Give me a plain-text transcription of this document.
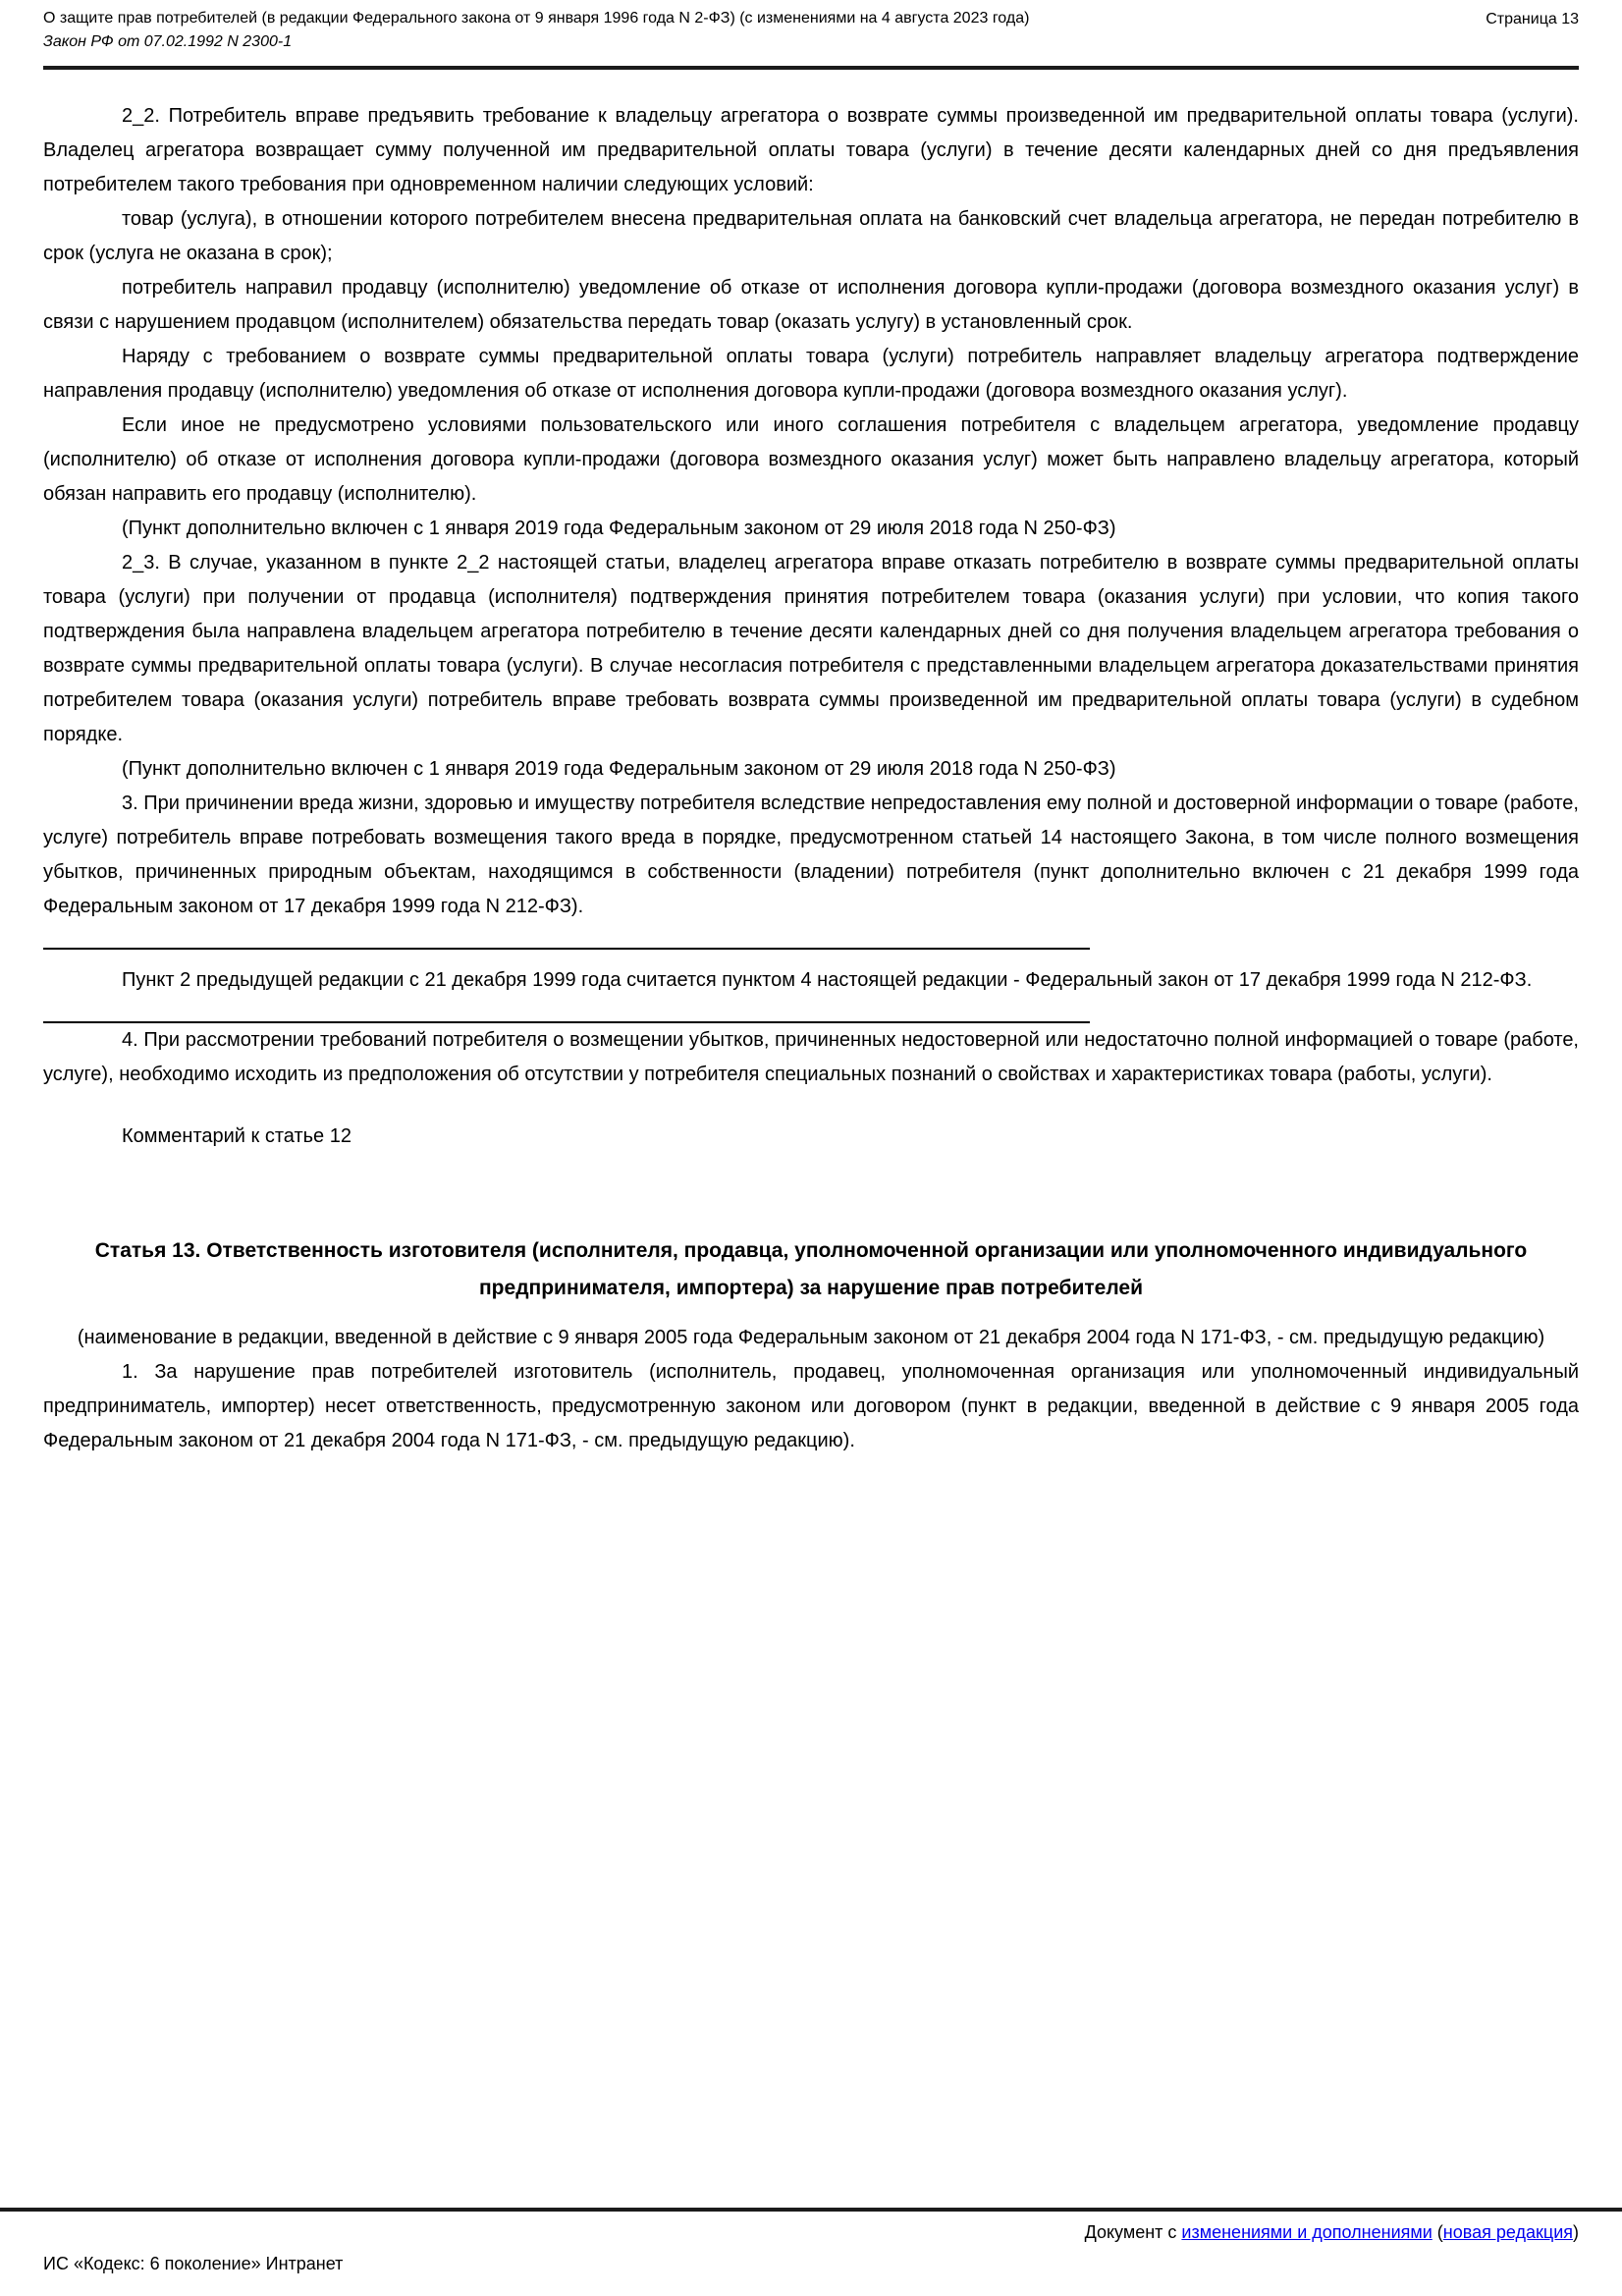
О защите прав потребителей (в редакции Федерального закона от 9 января 1996 года N 2-ФЗ) (с изменениями на 4 августа 2023 года)	Страница 13
Закон РФ от 07.02.1992 N 2300-1

2_2. Потребитель вправе предъявить требование к владельцу агрегатора о возврате суммы произведенной им предварительной оплаты товара (услуги). Владелец агрегатора возвращает сумму полученной им предварительной оплаты товара (услуги) в течение десяти календарных дней со дня предъявления потребителем такого требования при одновременном наличии следующих условий:

товар (услуга), в отношении которого потребителем внесена предварительная оплата на банковский счет владельца агрегатора, не передан потребителю в срок (услуга не оказана в срок);

потребитель направил продавцу (исполнителю) уведомление об отказе от исполнения договора купли-продажи (договора возмездного оказания услуг) в связи с нарушением продавцом (исполнителем) обязательства передать товар (оказать услугу) в установленный срок.

Наряду с требованием о возврате суммы предварительной оплаты товара (услуги) потребитель направляет владельцу агрегатора подтверждение направления продавцу (исполнителю) уведомления об отказе от исполнения договора купли-продажи (договора возмездного оказания услуг).

Если иное не предусмотрено условиями пользовательского или иного соглашения потребителя с владельцем агрегатора, уведомление продавцу (исполнителю) об отказе от исполнения договора купли-продажи (договора возмездного оказания услуг) может быть направлено владельцу агрегатора, который обязан направить его продавцу (исполнителю).

(Пункт дополнительно включен с 1 января 2019 года Федеральным законом от 29 июля 2018 года N 250-ФЗ)

2_3. В случае, указанном в пункте 2_2 настоящей статьи, владелец агрегатора вправе отказать потребителю в возврате суммы предварительной оплаты товара (услуги) при получении от продавца (исполнителя) подтверждения принятия потребителем товара (оказания услуги) при условии, что копия такого подтверждения была направлена владельцем агрегатора потребителю в течение десяти календарных дней со дня получения владельцем агрегатора требования о возврате суммы предварительной оплаты товара (услуги). В случае несогласия потребителя с представленными владельцем агрегатора доказательствами принятия потребителем товара (оказания услуги) потребитель вправе требовать возврата суммы произведенной им предварительной оплаты товара (услуги) в судебном порядке.

(Пункт дополнительно включен с 1 января 2019 года Федеральным законом от 29 июля 2018 года N 250-ФЗ)

3. При причинении вреда жизни, здоровью и имуществу потребителя вследствие непредоставления ему полной и достоверной информации о товаре (работе, услуге) потребитель вправе потребовать возмещения такого вреда в порядке, предусмотренном статьей 14 настоящего Закона, в том числе полного возмещения убытков, причиненных природным объектам, находящимся в собственности (владении) потребителя (пункт дополнительно включен с 21 декабря 1999 года Федеральным законом от 17 декабря 1999 года N 212-ФЗ).

Пункт 2 предыдущей редакции с 21 декабря 1999 года считается пунктом 4 настоящей редакции - Федеральный закон от 17 декабря 1999 года N 212-ФЗ.

4. При рассмотрении требований потребителя о возмещении убытков, причиненных недостоверной или недостаточно полной информацией о товаре (работе, услуге), необходимо исходить из предположения об отсутствии у потребителя специальных познаний о свойствах и характеристиках товара (работы, услуги).

Комментарий к статье 12

Статья 13. Ответственность изготовителя (исполнителя, продавца, уполномоченной организации или уполномоченного индивидуального предпринимателя, импортера) за нарушение прав потребителей

(наименование в редакции, введенной в действие с 9 января 2005 года Федеральным законом от 21 декабря 2004 года N 171-ФЗ, - см. предыдущую редакцию)

1. За нарушение прав потребителей изготовитель (исполнитель, продавец, уполномоченная организация или уполномоченный индивидуальный предприниматель, импортер) несет ответственность, предусмотренную законом или договором (пункт в редакции, введенной в действие с 9 января 2005 года Федеральным законом от 21 декабря 2004 года N 171-ФЗ, - см. предыдущую редакцию).

Документ с изменениями и дополнениями (новая редакция)
ИС «Кодекс: 6 поколение» Интранет
